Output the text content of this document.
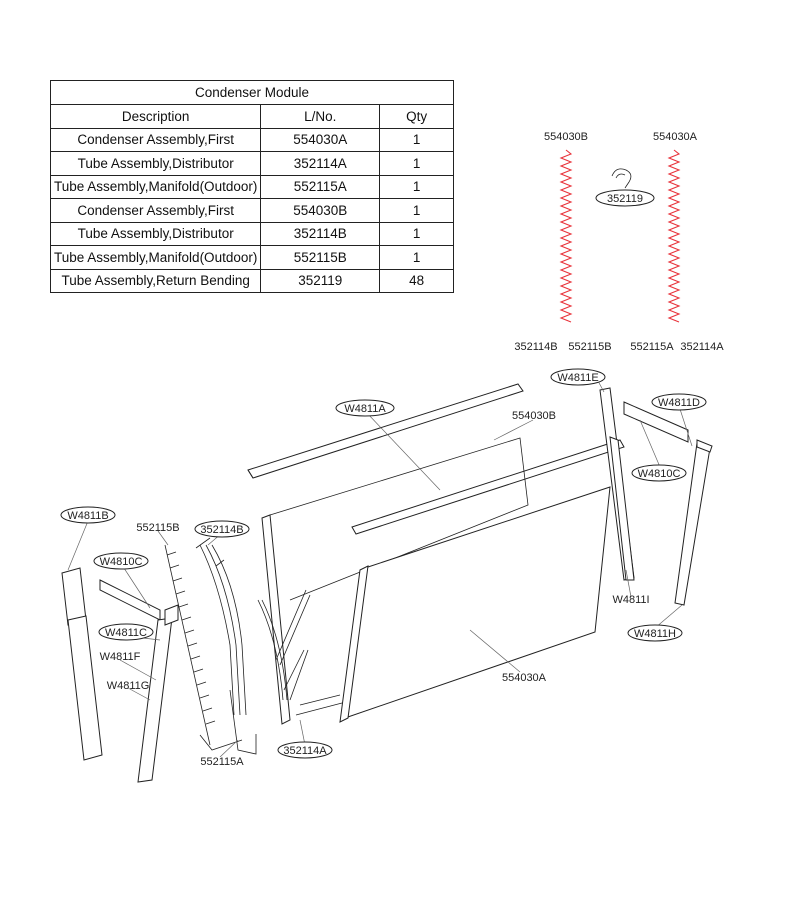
Condenser Module		
Description	L/No.	Qty
Condenser Assembly,First	554030A	1
Tube Assembly,Distributor	352114A	1
Tube Assembly,Manifold(Outdoor)	552115A	1
Condenser Assembly,First	554030B	1
Tube Assembly,Distributor	352114B	1
Tube Assembly,Manifold(Outdoor)	552115B	1
Tube Assembly,Return Bending	352119	48
352119
554030B	554030A
352114B 552115B 552115A 352114A
W4811A
W4811E
554030B
W4811D
W4810C
W4811B
552115B 352114B
W4810C
W4811I
W4811C	W4811H
W4811F
554030A
W4811G
552115A
352114A
